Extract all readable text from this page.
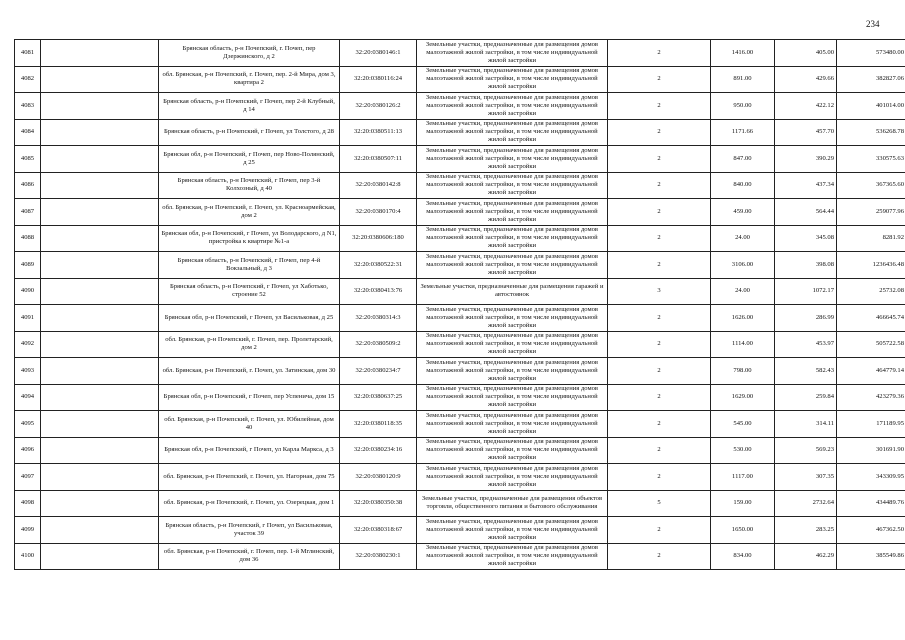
234
4081		Брянская область, р-н Почепский, г. Почеп, пер Дзержинского, д 2	32:20:0380146:1	Земельные участки, предназначенные для размещения домов малоэтажной жилой застройки, в том числе индивидуальной жилой застройки	2	1416.00	405.00	573480.00
4082		обл. Брянская, р-н Почепский, г. Почеп, пер. 2-й Мира, дом 3, квартира 2	32:20:0380116:24	Земельные участки, предназначенные для размещения домов малоэтажной жилой застройки, в том числе индивидуальной жилой застройки	2	891.00	429.66	382827.06
4083		Брянская область, р-н Почепский, г Почеп, пер 2-й Клубный, д 14	32:20:0380126:2	Земельные участки, предназначенные для размещения домов малоэтажной жилой застройки, в том числе индивидуальной жилой застройки	2	950.00	422.12	401014.00
4084		Брянская область, р-н Почепский, г Почеп, ул Толстого, д 28	32:20:0380511:13	Земельные участки, предназначенные для размещения домов малоэтажной жилой застройки, в том числе индивидуальной жилой застройки	2	1171.66	457.70	536268.78
4085		Брянская обл, р-н Почепский, г Почеп, пер Ново-Полянский, д 25	32:20:0380507:11	Земельные участки, предназначенные для размещения домов малоэтажной жилой застройки, в том числе индивидуальной жилой застройки	2	847.00	390.29	330575.63
4086		Брянская область, р-н Почепский, г Почеп, пер 3-й Колхозный, д 40	32:20:0380142:8	Земельные участки, предназначенные для размещения домов малоэтажной жилой застройки, в том числе индивидуальной жилой застройки	2	840.00	437.34	367365.60
4087		обл. Брянская, р-н Почепский, г. Почеп, ул. Красноармейская, дом 2	32:20:0380170:4	Земельные участки, предназначенные для размещения домов малоэтажной жилой застройки, в том числе индивидуальной жилой застройки	2	459.00	564.44	259077.96
4088		Брянская обл, р-н Почепский, г Почеп, ул Володарского, д N1, пристройка к квартире №1-а	32:20:0380606:180	Земельные участки, предназначенные для размещения домов малоэтажной жилой застройки, в том числе индивидуальной жилой застройки	2	24.00	345.08	8281.92
4089		Брянская область, р-н Почепский, г Почеп, пер 4-й Вокзальный, д 3	32:20:0380522:31	Земельные участки, предназначенные для размещения домов малоэтажной жилой застройки, в том числе индивидуальной жилой застройки	2	3106.00	398.08	1236436.48
4090		Брянская область, р-н Почепский, г Почеп, ул Хаботько, строение 52	32:20:0380413:76	Земельные участки, предназначенные для размещения гаражей и автостоянок	3	24.00	1072.17	25732.08
4091		Брянская обл, р-н Почепский, г Почеп, ул Васильковая, д 25	32:20:0380314:3	Земельные участки, предназначенные для размещения домов малоэтажной жилой застройки, в том числе индивидуальной жилой застройки	2	1626.00	286.99	466645.74
4092		обл. Брянская, р-н Почепский, г. Почеп, пер. Пролетарский, дом 2	32:20:0380509:2	Земельные участки, предназначенные для размещения домов малоэтажной жилой застройки, в том числе индивидуальной жилой застройки	2	1114.00	453.97	505722.58
4093		обл. Брянская, р-н Почепский, г. Почеп, ул. Затинская, дом 30	32:20:0380234:7	Земельные участки, предназначенные для размещения домов малоэтажной жилой застройки, в том числе индивидуальной жилой застройки	2	798.00	582.43	464779.14
4094		Брянская обл, р-н Почепский, г Почеп, пер Успенича, дом 15	32:20:0380637:25	Земельные участки, предназначенные для размещения домов малоэтажной жилой застройки, в том числе индивидуальной жилой застройки	2	1629.00	259.84	423279.36
4095		обл. Брянская, р-н Почепский, г. Почеп, ул. Юбилейная, дом 40	32:20:0380118:35	Земельные участки, предназначенные для размещения домов малоэтажной жилой застройки, в том числе индивидуальной жилой застройки	2	545.00	314.11	171189.95
4096		Брянская обл, р-н Почепский, г Почеп, ул Карла Маркса, д 3	32:20:0380234:16	Земельные участки, предназначенные для размещения домов малоэтажной жилой застройки, в том числе индивидуальной жилой застройки	2	530.00	569.23	301691.90
4097		обл. Брянская, р-н Почепский, г. Почеп, ул. Нагорная, дом 75	32:20:0380120:9	Земельные участки, предназначенные для размещения домов малоэтажной жилой застройки, в том числе индивидуальной жилой застройки	2	1117.00	307.35	343309.95
4098		обл. Брянская, р-н Почепский, г. Почеп, ул. Озерецкая, дом 1	32:20:0380350:38	Земельные участки, предназначенные для размещения объектов торговли, общественного питания и бытового обслуживания	5	159.00	2732.64	434489.76
4099		Брянская область, р-н Почепский, г Почеп, ул Васильковая, участок 39	32:20:0380318:67	Земельные участки, предназначенные для размещения домов малоэтажной жилой застройки, в том числе индивидуальной жилой застройки	2	1650.00	283.25	467362.50
4100		обл. Брянская, р-н Почепский, г. Почеп, пер. 1-й Мглинский, дом 36	32:20:0380230:1	Земельные участки, предназначенные для размещения домов малоэтажной жилой застройки, в том числе индивидуальной жилой застройки	2	834.00	462.29	385549.86
